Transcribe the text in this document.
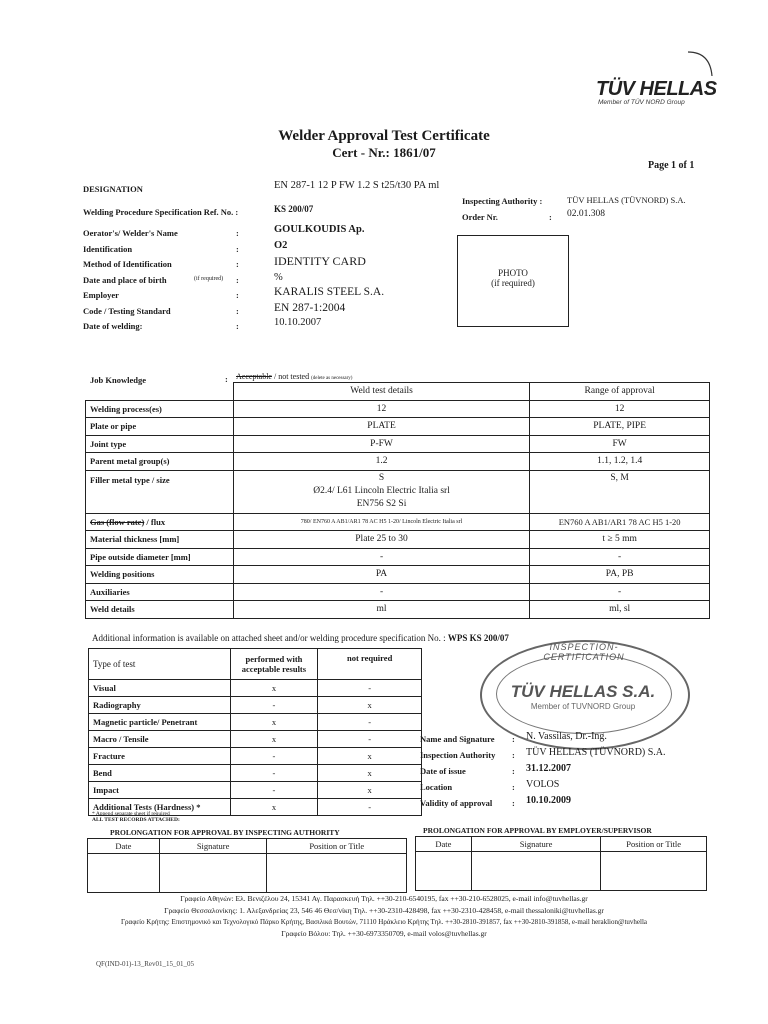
TÜV HELLAS
Member of TÜV NORD Group
Welder Approval Test Certificate
Cert - Nr.: 1861/07
Page 1 of 1
DESIGNATION	EN 287-1 12 P FW 1.2 S t25/t30 PA ml
Welding Procedure Specification Ref. No. :	KS 200/07
Inspecting Authority :	TÜV HELLAS (TÜVNORD) S.A.
Order Nr.	: 02.01.308
Oerator's/ Welder's Name	:	GOULKOUDIS Ap.
Identification	:	O2
Method of Identification	:	IDENTITY CARD
Date and place of birth	(if required) :	%
Employer	:	KARALIS STEEL S.A.
Code / Testing Standard	:	EN 287-1:2004
Date of welding:	:	10.10.2007
PHOTO
(if required)
Job Knowledge	: Acceptable / not tested (delete as necessary)
	Weld test details	Range of approval
Welding process(es)	12	12
Plate or pipe	PLATE	PLATE, PIPE
Joint type	P-FW	FW
Parent metal group(s)	1.2	1.1, 1.2, 1.4
Filler metal type / size	S
Ø2.4/ L61 Lincoln Electric Italia srl
EN756 S2 Si	S, M
Gas (flow rate) / flux	780/ EN760 A AB1/AR1 78 AC H5 1-20/ Lincoln Electric Italia srl	EN760 A AB1/AR1 78 AC H5 1-20
Material thickness [mm]	Plate 25 to 30	t ≥ 5 mm
Pipe outside diameter [mm]	-	-
Welding positions	PA	PA, PB
Auxiliaries	-	-
Weld details	ml	ml, sl
Additional information is available on attached sheet and/or welding procedure specification No. : WPS KS 200/07
Type of test	performed with acceptable results	not required
Visual	x	-
Radiography	-	x
Magnetic particle/ Penetrant	x	-
Macro / Tensile	x	-
Fracture	-	x
Bend	-	x
Impact	-	x
Additional Tests (Hardness) *	x	-
* Append separate sheet if required
ALL TEST RECORDS ATTACHED:
INSPECTION-CERTIFICATION
TÜV HELLAS S.A.
Member of TUVNORD Group
Name and Signature : N. Vassilas, Dr.-Ing.
Inspection Authority : TÜV HELLAS (TÜVNORD) S.A.
Date of issue	: 31.12.2007
Location	: VOLOS
Validity of approval : 10.10.2009
PROLONGATION FOR APPROVAL BY INSPECTING AUTHORITY
Date	Signature	Position or Title

PROLONGATION FOR APPROVAL BY EMPLOYER/SUPERVISOR
Date	Signature	Position or Title

Γραφείο Αθηνών: Ελ. Βενιζέλου 24, 15341 Αγ. Παρασκευή Τηλ. ++30-210-6540195, fax ++30-210-6528025, e-mail info@tuvhellas.gr
Γραφείο Θεσσαλονίκης: 1. Αλεξανδρείας 23, 546 46 Θεσ/νίκη Τηλ. ++30-2310-428498, fax ++30-2310-428458, e-mail thessaloniki@tuvhellas.gr
Γραφείο Κρήτης: Επιστημονικό και Τεχνολογικό Πάρκο Κρήτης, Βασιλικά Βουτών, 71110 Ηράκλειο Κρήτης Τηλ. ++30-2810-391857, fax ++30-2810-391858, e-mail heraklion@tuvhella
Γραφείο Βόλου: Τηλ. ++30-6973350709, e-mail volos@tuvhellas.gr
QF(IND-01)-13_Rev01_15_01_05
